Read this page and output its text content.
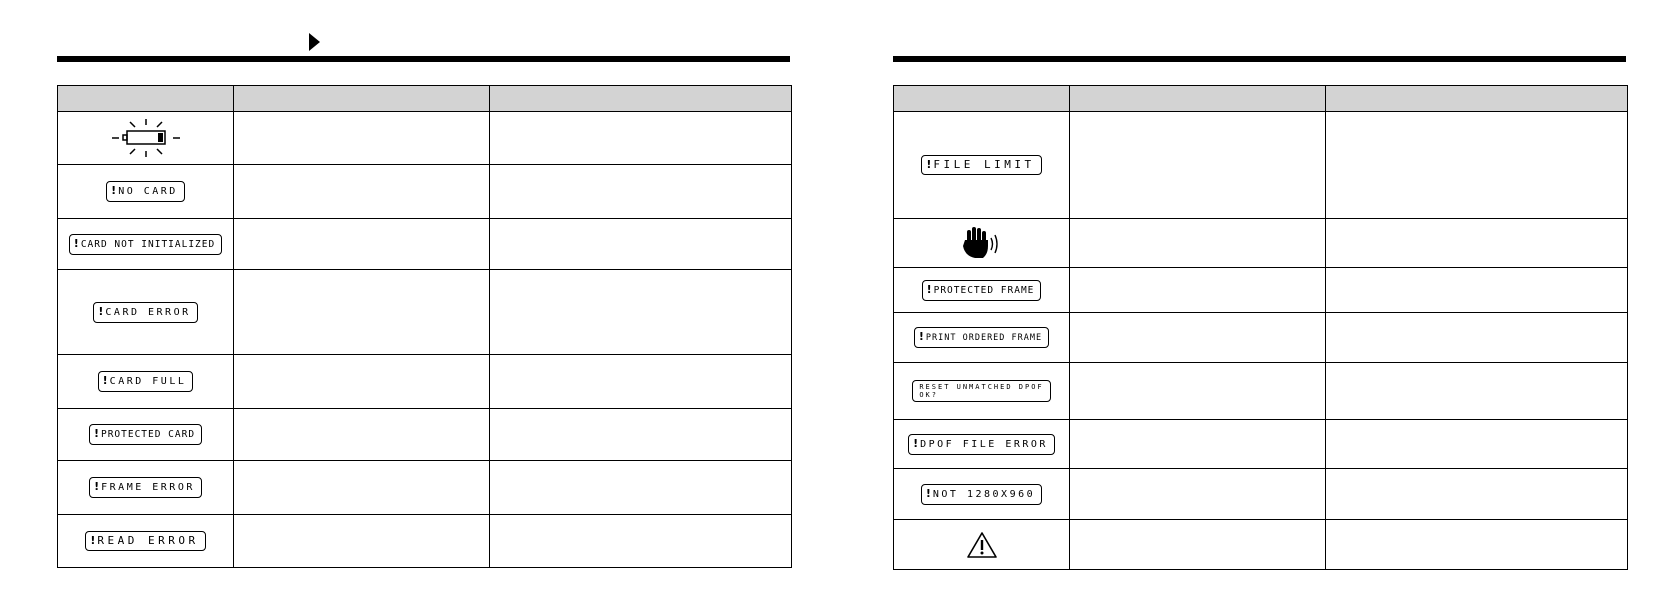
! NO CARD		
! CARD NOT INITIALIZED		
! CARD ERROR		
! CARD FULL		
! PROTECTED CARD		
! FRAME ERROR		
! READ ERROR		

! FILE LIMIT		

! PROTECTED FRAME		
! PRINT ORDERED FRAME		
RESET UNMATCHED DPOF
OK?		
! DPOF FILE ERROR		
! NOT 1280X960		
